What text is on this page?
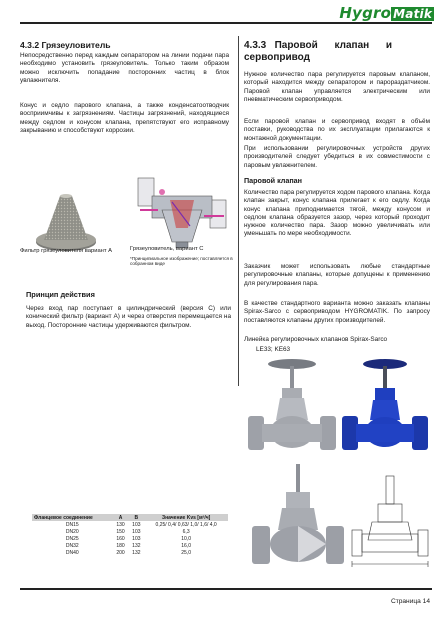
Hygro Matik
4.3.2 Грязеуловитель
Непосредственно перед каждым сепаратором на линии подачи пара необходимо установить грязеуловитель. Только таким образом можно исключить попадание посторонних частиц в блок увлажнителя.
Конус и седло парового клапана, а также конденсатоотводчик восприимчивы к загрязнениям. Частицы загрязнений, находящиеся между седлом и конусом клапана, препятствуют его исправному закрыванию и способствуют коррозии.
Фильтр грязеуловителя вариант А	Грязеуловитель, вариант С
*Принципиальное изображение; поставляется в собранном виде
Принцип действия
Через вход пар поступает в цилиндрический (версия С) или конический фильтр (вариант А) и через отверстия перемещается на выход. Посторонние частицы удерживаются фильтром.
4.3.3   Паровой      клапан      и
сервопривод
Нужное количество пара регулируется паровым клапаном, который находится между сепаратором и парораздатчиком. Паровой клапан управляется электрическим или пневматическим сервоприводом.
Если паровой клапан и сервопривод входят в объём поставки, руководства по их эксплуатации прилагаются к монтажной документации.
При использовании регулировочных устройств других производителей следует убедиться в их совместимости с паровым увлажнителем.
Паровой клапан
Количество пара регулируется ходом парового клапана. Когда клапан закрыт, конус клапана прилегает к его седлу. Когда конус клапана приподнимается тягой, между конусом и седлом клапана образуется зазор, через который проходит нужное количество пара. Зазор можно увеличивать или уменьшать по мере необходимости.
Заказчик может использовать любые стандартные регулировочные клапаны, которые допущены к применению для регулирования пара.
В качестве стандартного варианта можно заказать клапаны Spirax-Sarco с сервоприводом HYGROMATIK. По запросу поставляются клапаны других производителей.
Линейка регулировочных клапанов Spirax-Sarco
LE33; KE63
Фланцевое соединение	A	B	Значение Kvs [м³/ч]
DN15	130	103	0,25/ 0,4/ 0,63/ 1,0/ 1,6/ 4,0
DN20	150	103	6,3
DN25	160	103	10,0
DN32	180	132	16,0
DN40	200	132	25,0
Страница 14
